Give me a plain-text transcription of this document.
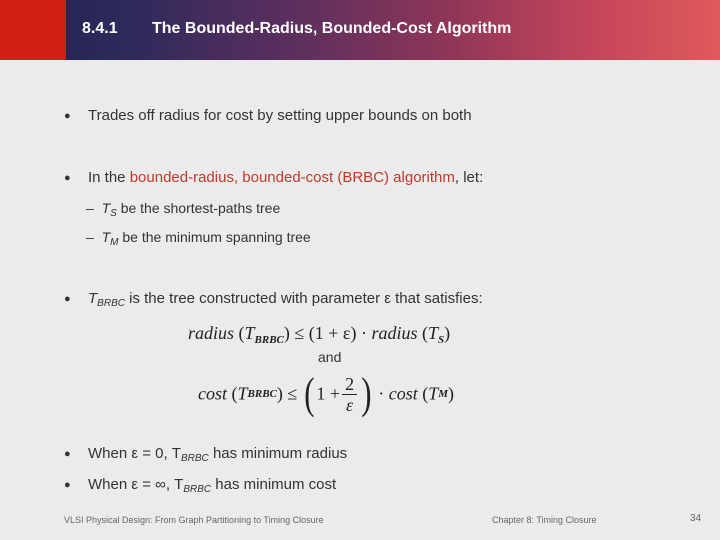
8.4.1 The Bounded-Radius, Bounded-Cost Algorithm
● Trades off radius for cost by setting upper bounds on both
● In the bounded-radius, bounded-cost (BRBC) algorithm, let:
–  $T_S$ be the shortest-paths tree
–  $T_M$ be the minimum spanning tree
● $T_{BRBC}$ is the tree constructed with parameter ε that satisfies:
radius $(T_{BRBC}) \le (1 + \varepsilon)$ · radius $(T_S)$
and
cost (TBRBC) ≤ ( $1 + \frac{2}{\varepsilon}$ ) · cost (TM)
● When ε = 0, $T_{BRBC}$ has minimum radius
● When ε = ∞, $T_{BRBC}$ has minimum cost
VLSI Physical Design: From Graph Partitioning to Timing Closure	Chapter 8: Timing Closure	34
